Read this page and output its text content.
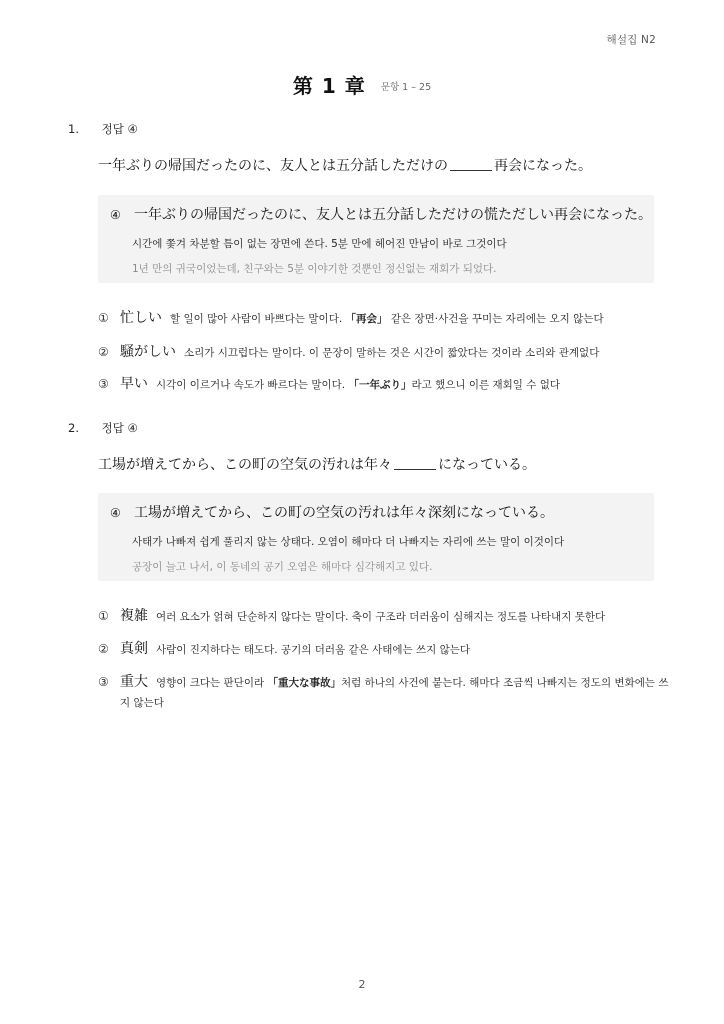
해설집 N2
第 1 章 문항 1 – 25
1. 정답 ④
一年ぶりの帰国だったのに、友人とは五分話しただけの	再会になった。
④ 一年ぶりの帰国だったのに、友人とは五分話しただけの慌ただしい再会になった。
시간에 쫓겨 차분할 틈이 없는 장면에 쓴다. 5분 만에 헤어진 만남이 바로 그것이다
1년 만의 귀국이었는데, 친구와는 5분 이야기한 것뿐인 정신없는 재회가 되었다.
① 忙しい 할 일이 많아 사람이 바쁘다는 말이다. 「再会」 같은 장면·사건을 꾸미는 자리에는 오지 않는다
② 騒がしい 소리가 시끄럽다는 말이다. 이 문장이 말하는 것은 시간이 짧았다는 것이라 소리와 관계없다
③ 早い 시각이 이르거나 속도가 빠르다는 말이다. 「一年ぶり」라고 했으니 이른 재회일 수 없다
2. 정답 ④
工場が増えてから、この町の空気の汚れは年々	になっている。
④ 工場が増えてから、この町の空気の汚れは年々深刻になっている。
사태가 나빠져 쉽게 풀리지 않는 상태다. 오염이 해마다 더 나빠지는 자리에 쓰는 말이 이것이다
공장이 늘고 나서, 이 동네의 공기 오염은 해마다 심각해지고 있다.
① 複雑 여러 요소가 얽혀 단순하지 않다는 말이다. 축이 구조라 더러움이 심해지는 정도를 나타내지 못한다
② 真剣 사람이 진지하다는 태도다. 공기의 더러움 같은 사태에는 쓰지 않는다
③ 重大 영향이 크다는 판단이라 「重大な事故」처럼 하나의 사건에 붙는다. 해마다 조금씩 나빠지는 정도의 변화에는 쓰
지 않는다
2
